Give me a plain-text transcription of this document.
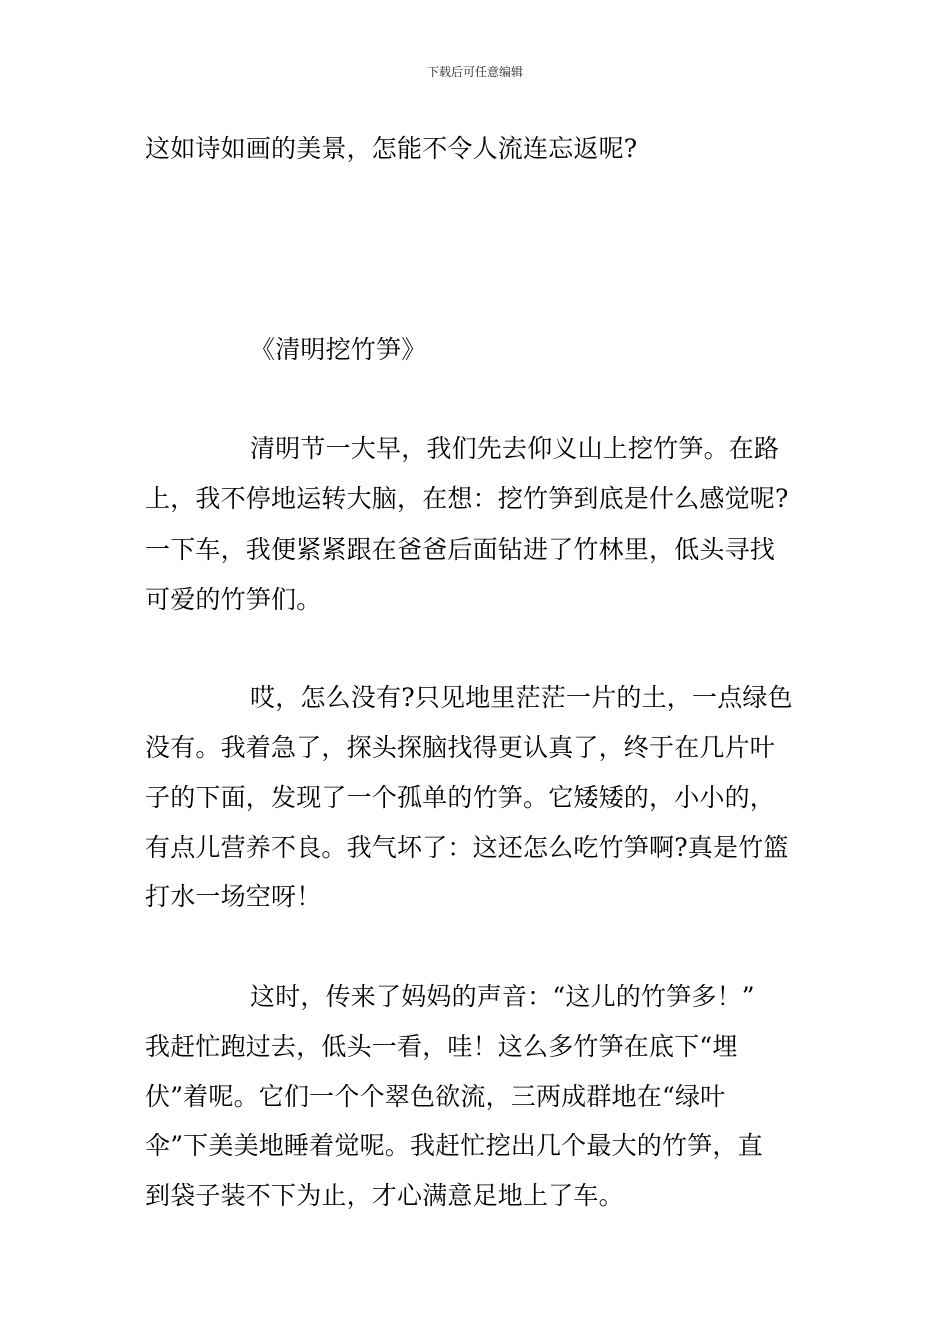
下载后可任意编辑
这如诗如画的美景，怎能不令人流连忘返呢?
《清明挖竹笋》
清明节一大早，我们先去仰义山上挖竹笋。在路
上，我不停地运转大脑，在想：挖竹笋到底是什么感觉呢?
一下车，我便紧紧跟在爸爸后面钻进了竹林里，低头寻找
可爱的竹笋们。
哎，怎么没有?只见地里茫茫一片的土，一点绿色
没有。我着急了，探头探脑找得更认真了，终于在几片叶
子的下面，发现了一个孤单的竹笋。它矮矮的，小小的，
有点儿营养不良。我气坏了：这还怎么吃竹笋啊?真是竹篮
打水一场空呀！
这时，传来了妈妈的声音：“这儿的竹笋多！”
我赶忙跑过去，低头一看，哇！这么多竹笋在底下“埋
伏”着呢。它们一个个翠色欲流，三两成群地在“绿叶
伞”下美美地睡着觉呢。我赶忙挖出几个最大的竹笋，直
到袋子装不下为止，才心满意足地上了车。
